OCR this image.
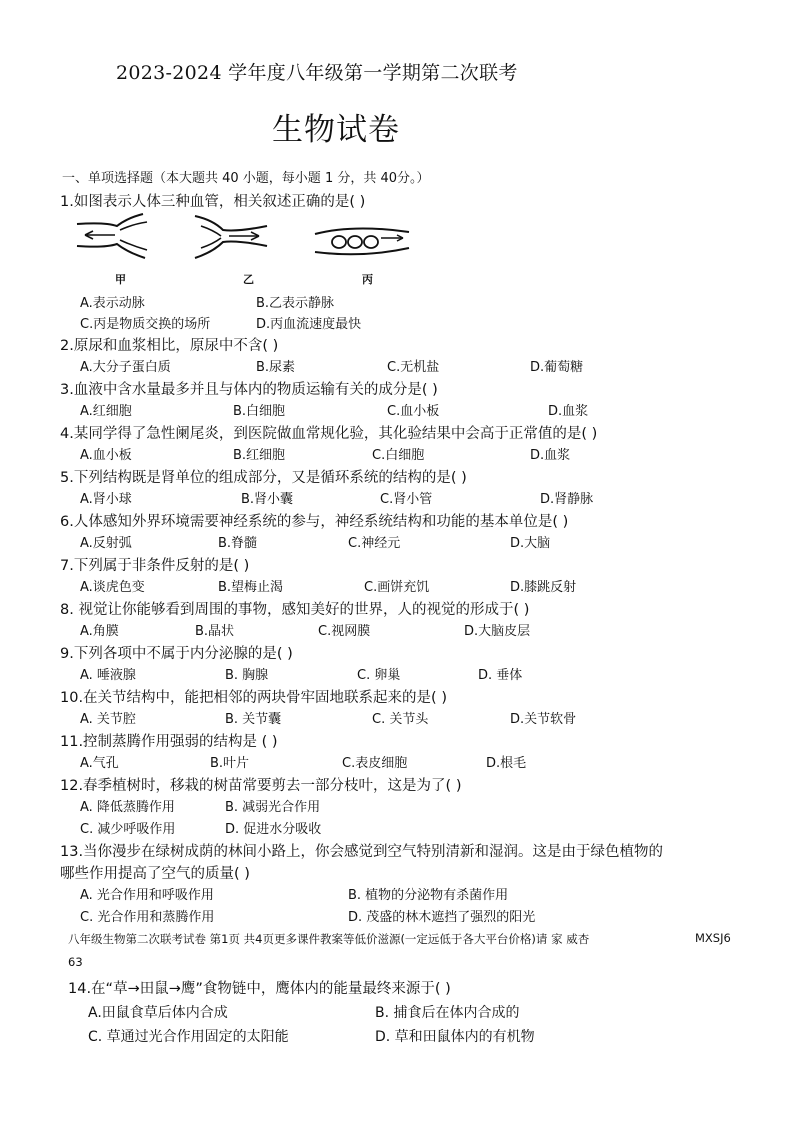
2023-2024 学年度八年级第一学期第二次联考
生物试卷
一、单项选择题（本大题共 40 小题，每小题 1 分，共 40分。）
1.如图表示人体三种血管，相关叙述正确的是( )
甲	乙	丙
A.表示动脉	B.乙表示静脉
C.丙是物质交换的场所	D.丙血流速度最快
2.原尿和血浆相比，原尿中不含( )
A.大分子蛋白质	B.尿素	C.无机盐	D.葡萄糖
3.血液中含水量最多并且与体内的物质运输有关的成分是( )
A.红细胞	B.白细胞	C.血小板	D.血浆
4.某同学得了急性阑尾炎，到医院做血常规化验，其化验结果中会高于正常值的是( )
A.血小板	B.红细胞	C.白细胞	D.血浆
5.下列结构既是肾单位的组成部分，又是循环系统的结构的是( )
A.肾小球	B.肾小囊	C.肾小管	D.肾静脉
6.人体感知外界环境需要神经系统的参与，神经系统结构和功能的基本单位是( )
A.反射弧	B.脊髓	C.神经元	D.大脑
7.下列属于非条件反射的是( )
A.谈虎色变	B.望梅止渴	C.画饼充饥	D.膝跳反射
8. 视觉让你能够看到周围的事物，感知美好的世界，人的视觉的形成于( )
A.角膜	B.晶状	C.视网膜	D.大脑皮层
9.下列各项中不属于内分泌腺的是( )
A. 唾液腺	B. 胸腺	C. 卵巢	D. 垂体
10.在关节结构中，能把相邻的两块骨牢固地联系起来的是( )
A. 关节腔	B. 关节囊	C. 关节头	D.关节软骨
11.控制蒸腾作用强弱的结构是 ( )
A.气孔	B.叶片	C.表皮细胞	D.根毛
12.春季植树时，移栽的树苗常要剪去一部分枝叶，这是为了( )
A. 降低蒸腾作用	B. 减弱光合作用
C. 减少呼吸作用	D. 促进水分吸收
13.当你漫步在绿树成荫的林间小路上，你会感觉到空气特别清新和湿润。这是由于绿色植物的
哪些作用提高了空气的质量( )
A. 光合作用和呼吸作用	B. 植物的分泌物有杀菌作用
C. 光合作用和蒸腾作用	D. 茂盛的林木遮挡了强烈的阳光
八年级生物第二次联考试卷 第1页 共4页更多课件教案等低价滋源(一定远低于各大平台价格)请 家 威杏	MXSJ6
63
14.在“草→田鼠→鹰”食物链中，鹰体内的能量最终来源于( )
A.田鼠食草后体内合成	B. 捕食后在体内合成的
C. 草通过光合作用固定的太阳能	D. 草和田鼠体内的有机物
